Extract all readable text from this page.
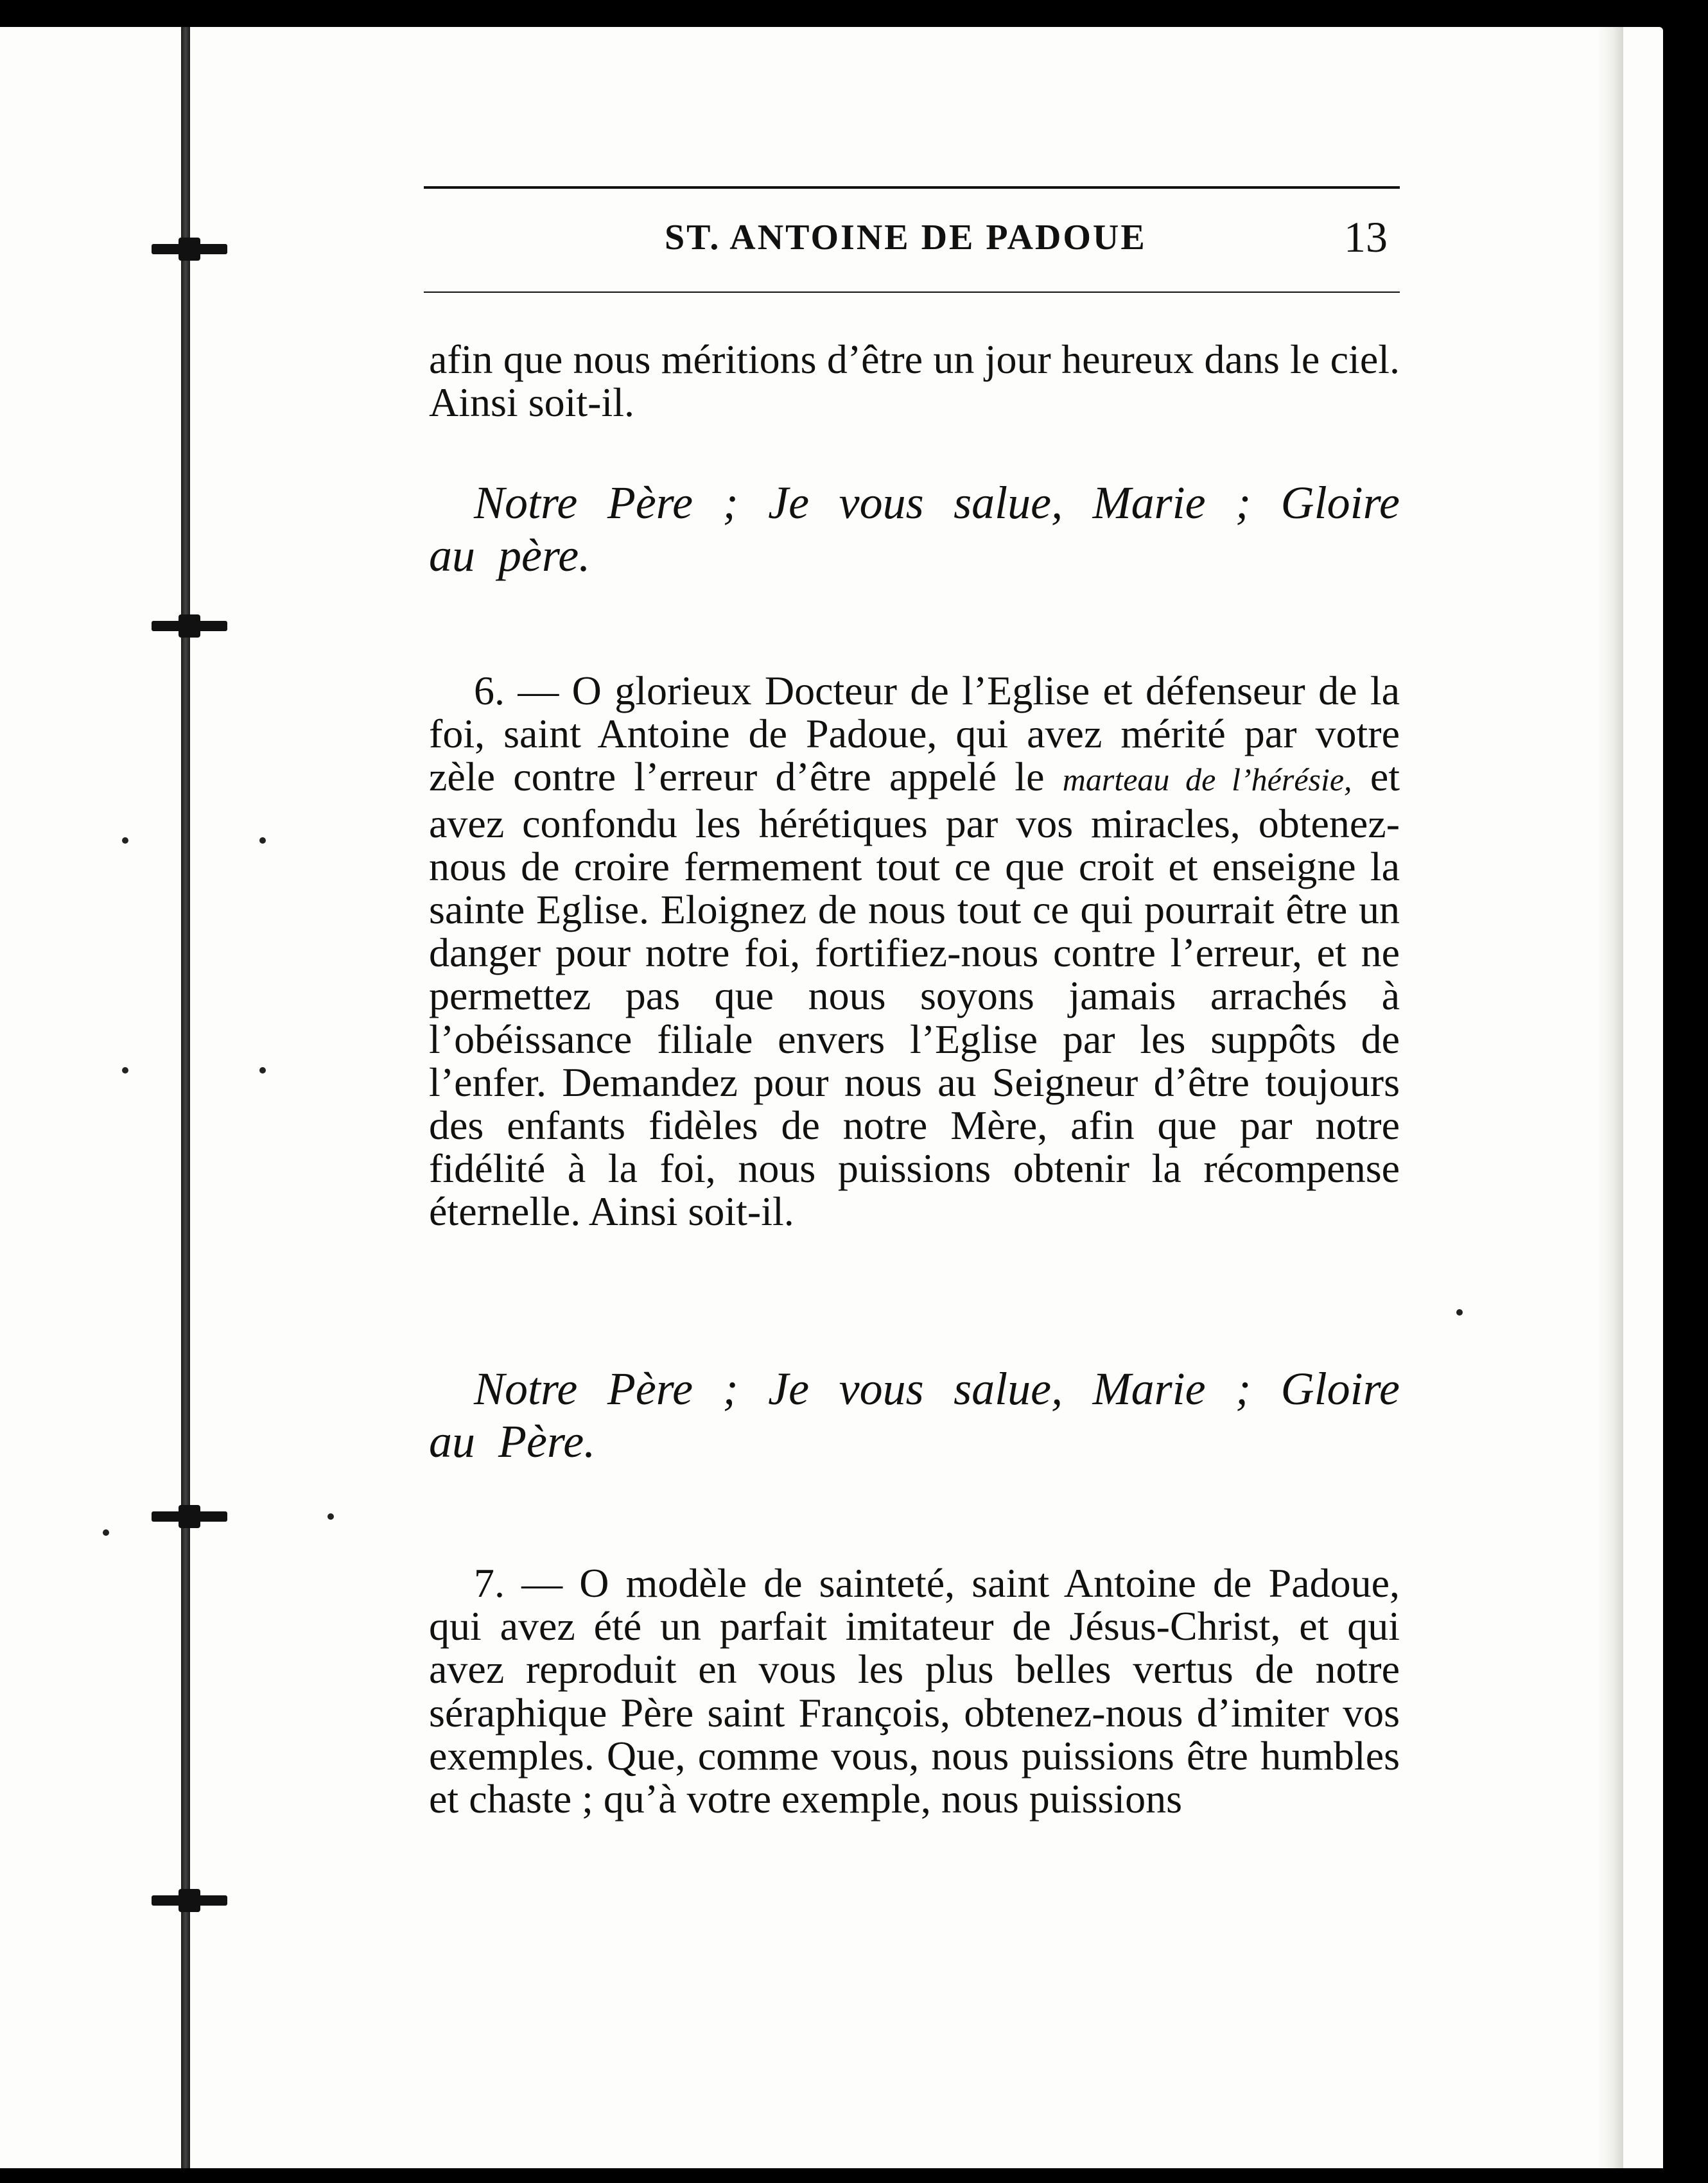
ST. ANTOINE DE PADOUE	13

afin que nous méritions d’être un jour heureux dans le ciel. Ainsi soit-il.

Notre Père ; Je vous salue, Marie ; Gloire au père.

6. — O glorieux Docteur de l’Eglise et défenseur de la foi, saint Antoine de Padoue, qui avez mérité par votre zèle contre l’erreur d’être appelé le marteau de l’hérésie, et avez confondu les hérétiques par vos miracles, obtenez-nous de croire fermement tout ce que croit et enseigne la sainte Eglise. Eloignez de nous tout ce qui pourrait être un danger pour notre foi, fortifiez-nous contre l’erreur, et ne permettez pas que nous soyons jamais arrachés à l’obéissance filiale envers l’Eglise par les suppôts de l’enfer. Demandez pour nous au Seigneur d’être toujours des enfants fidèles de notre Mère, afin que par notre fidélité à la foi, nous puissions obtenir la récompense éternelle. Ainsi soit-il.

Notre Père ; Je vous salue, Marie ; Gloire au Père.

7. — O modèle de sainteté, saint Antoine de Padoue, qui avez été un parfait imitateur de Jésus-Christ, et qui avez reproduit en vous les plus belles vertus de notre séraphique Père saint François, obtenez-nous d’imiter vos exemples. Que, comme vous, nous puissions être humbles et chaste ; qu’à votre exemple, nous puissions
